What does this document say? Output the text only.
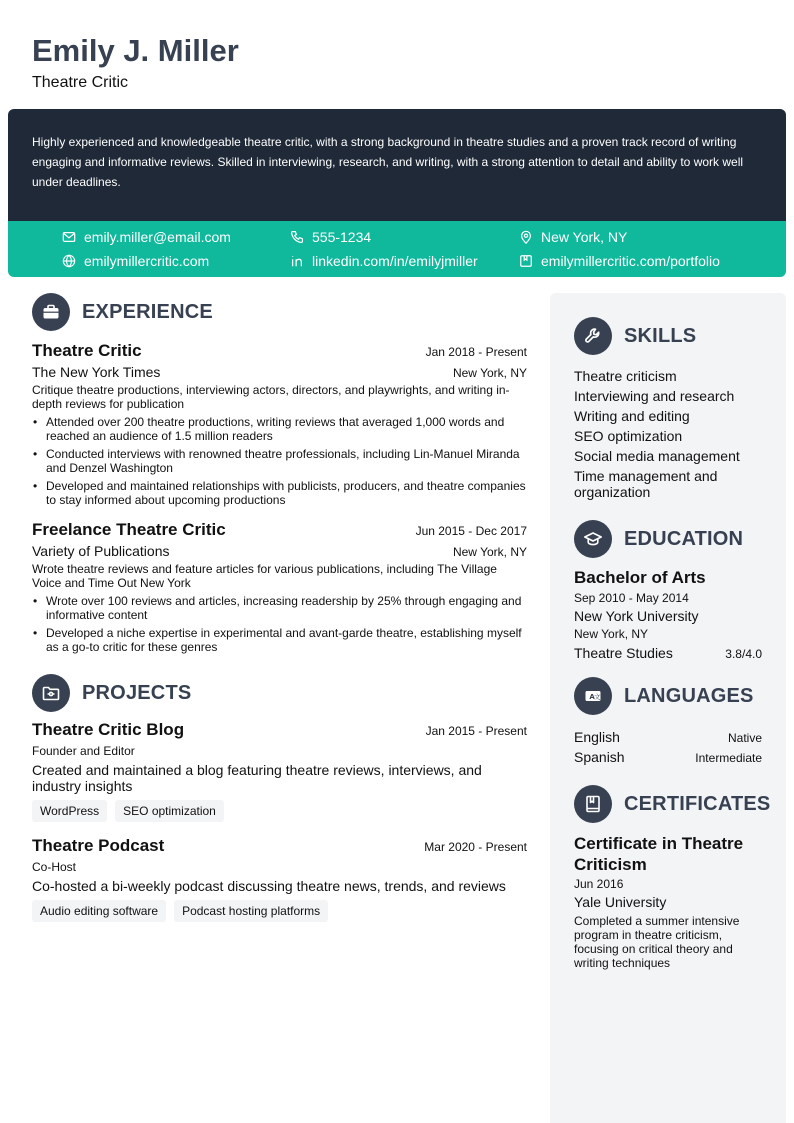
Emily J. Miller
Theatre Critic
Highly experienced and knowledgeable theatre critic, with a strong background in theatre studies and a proven track record of writing engaging and informative reviews. Skilled in interviewing, research, and writing, with a strong attention to detail and ability to work well under deadlines.
emily.miller@email.com	555-1234	New York, NY
emilymillercritic.com	linkedin.com/in/emilyjmiller	emilymillercritic.com/portfolio
EXPERIENCE
Theatre Critic	Jan 2018 - Present
The New York Times	New York, NY
Critique theatre productions, interviewing actors, directors, and playwrights, and writing in-depth reviews for publication
• Attended over 200 theatre productions, writing reviews that averaged 1,000 words and reached an audience of 1.5 million readers
• Conducted interviews with renowned theatre professionals, including Lin-Manuel Miranda and Denzel Washington
• Developed and maintained relationships with publicists, producers, and theatre companies to stay informed about upcoming productions
Freelance Theatre Critic	Jun 2015 - Dec 2017
Variety of Publications	New York, NY
Wrote theatre reviews and feature articles for various publications, including The Village Voice and Time Out New York
• Wrote over 100 reviews and articles, increasing readership by 25% through engaging and informative content
• Developed a niche expertise in experimental and avant-garde theatre, establishing myself as a go-to critic for these genres
PROJECTS
Theatre Critic Blog	Jan 2015 - Present
Founder and Editor
Created and maintained a blog featuring theatre reviews, interviews, and industry insights
WordPress	SEO optimization
Theatre Podcast	Mar 2020 - Present
Co-Host
Co-hosted a bi-weekly podcast discussing theatre news, trends, and reviews
Audio editing software	Podcast hosting platforms
SKILLS
Theatre criticism
Interviewing and research
Writing and editing
SEO optimization
Social media management
Time management and organization
EDUCATION
Bachelor of Arts
Sep 2010 - May 2014
New York University
New York, NY
Theatre Studies	3.8/4.0
A 文 LANGUAGES
English	Native
Spanish	Intermediate
CERTIFICATES
Certificate in Theatre Criticism
Jun 2016
Yale University
Completed a summer intensive program in theatre criticism, focusing on critical theory and writing techniques
